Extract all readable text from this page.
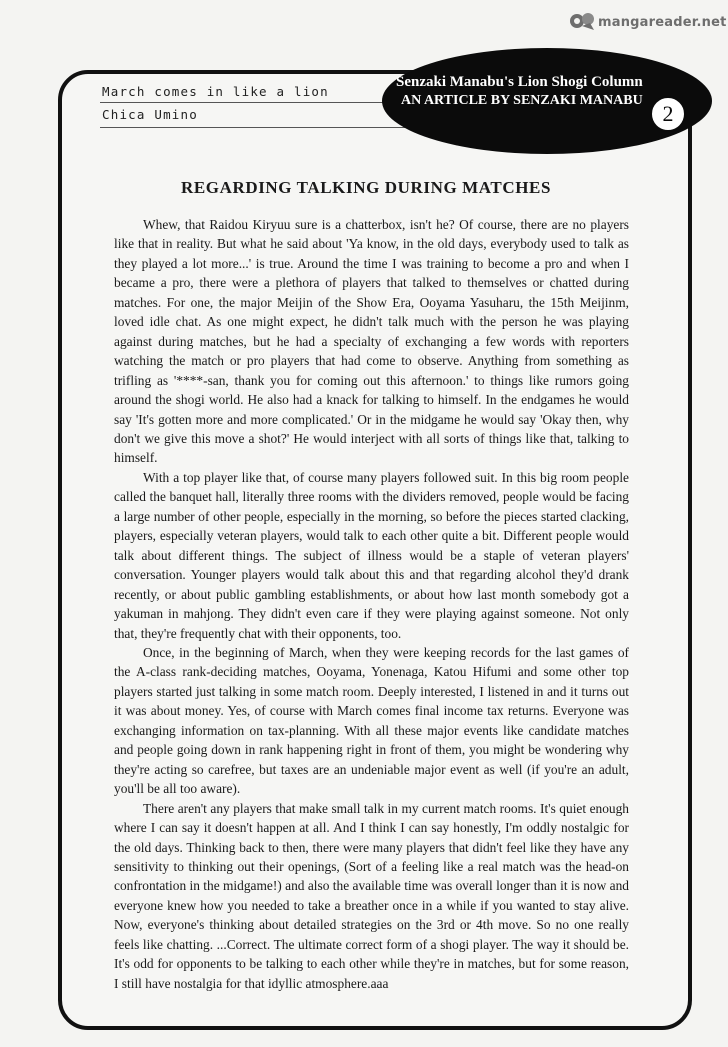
mangareader.net
March comes in like a lion
Chica Umino
Senzaki Manabu's Lion Shogi Column
AN ARTICLE BY SENZAKI MANABU
2
REGARDING TALKING DURING MATCHES

Whew, that Raidou Kiryuu sure is a chatterbox, isn't he? Of course, there are no players like that in reality. But what he said about 'Ya know, in the old days, everybody used to talk as they played a lot more...' is true. Around the time I was training to become a pro and when I became a pro, there were a plethora of players that talked to themselves or chatted during matches. For one, the major Meijin of the Show Era, Ooyama Yasuharu, the 15th Meijinm, loved idle chat. As one might expect, he didn't talk much with the person he was playing against during matches, but he had a specialty of exchanging a few words with reporters watching the match or pro players that had come to observe. Anything from something as trifling as '****-san, thank you for coming out this afternoon.' to things like rumors going around the shogi world. He also had a knack for talking to himself. In the endgames he would say 'It's gotten more and more complicated.' Or in the midgame he would say 'Okay then, why don't we give this move a shot?' He would interject with all sorts of things like that, talking to himself.

With a top player like that, of course many players followed suit. In this big room people called the banquet hall, literally three rooms with the dividers removed, people would be facing a large number of other people, especially in the morning, so before the pieces started clacking, players, especially veteran players, would talk to each other quite a bit. Different people would talk about different things. The subject of illness would be a staple of veteran players' conversation. Younger players would talk about this and that regarding alcohol they'd drank recently, or about public gambling establishments, or about how last month somebody got a yakuman in mahjong. They didn't even care if they were playing against someone. Not only that, they're frequently chat with their opponents, too.

Once, in the beginning of March, when they were keeping records for the last games of the A-class rank-deciding matches, Ooyama, Yonenaga, Katou Hifumi and some other top players started just talking in some match room. Deeply interested, I listened in and it turns out it was about money. Yes, of course with March comes final income tax returns. Everyone was exchanging information on tax-planning. With all these major events like candidate matches and people going down in rank happening right in front of them, you might be wondering why they're acting so carefree, but taxes are an undeniable major event as well (if you're an adult, you'll be all too aware).

There aren't any players that make small talk in my current match rooms. It's quiet enough where I can say it doesn't happen at all. And I think I can say honestly, I'm oddly nostalgic for the old days. Thinking back to then, there were many players that didn't feel like they have any sensitivity to thinking out their openings, (Sort of a feeling like a real match was the head-on confrontation in the midgame!) and also the available time was overall longer than it is now and everyone knew how you needed to take a breather once in a while if you wanted to stay alive. Now, everyone's thinking about detailed strategies on the 3rd or 4th move. So no one really feels like chatting. ...Correct. The ultimate correct form of a shogi player. The way it should be. It's odd for opponents to be talking to each other while they're in matches, but for some reason, I still have nostalgia for that idyllic atmosphere.aaa
